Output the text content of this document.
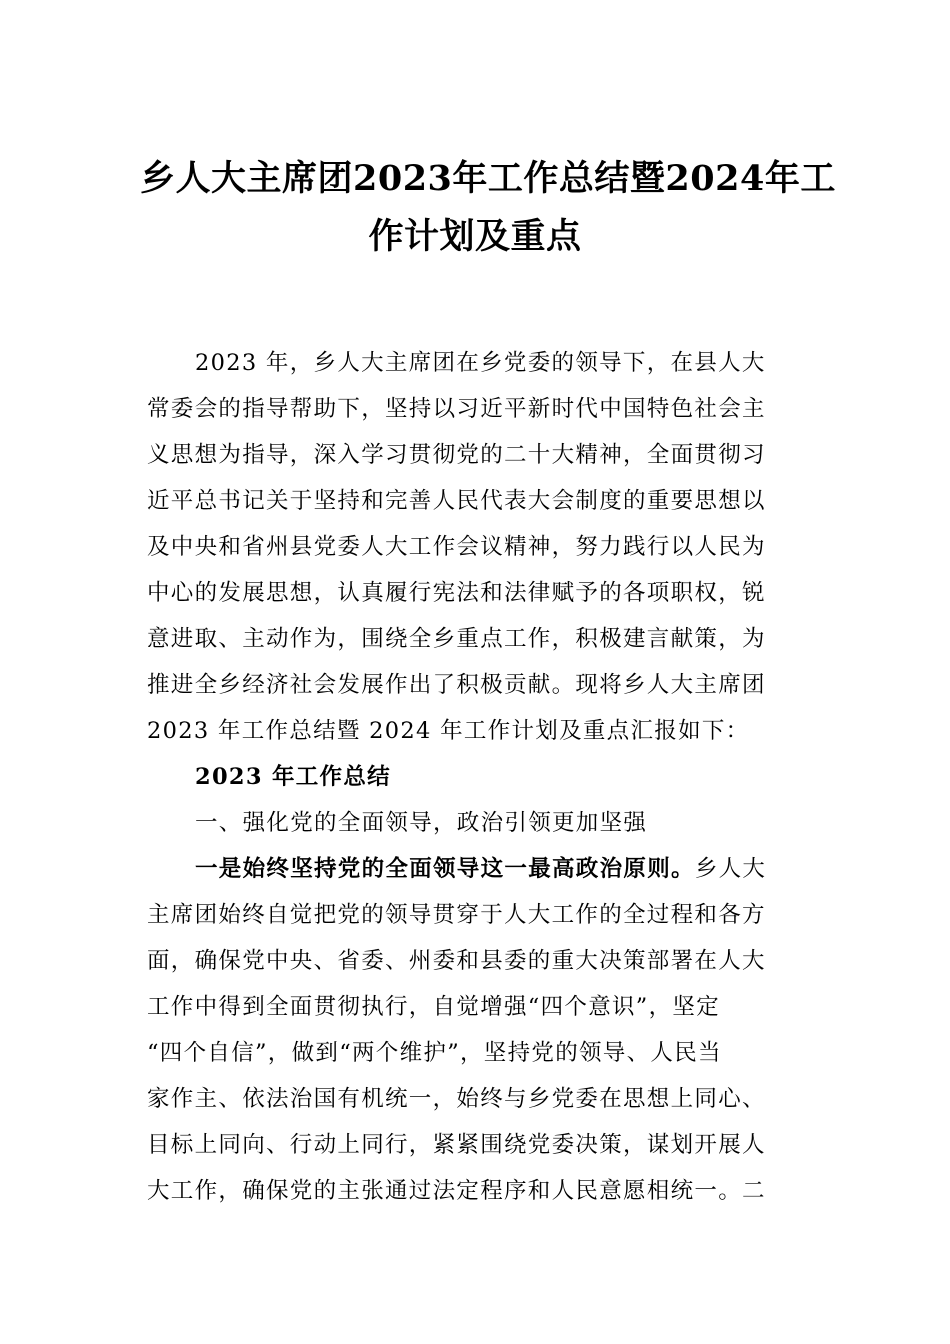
乡人大主席团2023年工作总结暨2024年工
作计划及重点
2023 年，乡人大主席团在乡党委的领导下，在县人大
常委会的指导帮助下，坚持以习近平新时代中国特色社会主
义思想为指导，深入学习贯彻党的二十大精神，全面贯彻习
近平总书记关于坚持和完善人民代表大会制度的重要思想以
及中央和省州县党委人大工作会议精神，努力践行以人民为
中心的发展思想，认真履行宪法和法律赋予的各项职权，锐
意进取、主动作为，围绕全乡重点工作，积极建言献策，为
推进全乡经济社会发展作出了积极贡献。现将乡人大主席团
2023 年工作总结暨 2024 年工作计划及重点汇报如下：
2023 年工作总结
一、强化党的全面领导，政治引领更加坚强
一是始终坚持党的全面领导这一最高政治原则。乡人大
主席团始终自觉把党的领导贯穿于人大工作的全过程和各方
面，确保党中央、省委、州委和县委的重大决策部署在人大
工作中得到全面贯彻执行，自觉增强“四个意识”，坚定
“四个自信”，做到“两个维护”，坚持党的领导、人民当
家作主、依法治国有机统一，始终与乡党委在思想上同心、
目标上同向、行动上同行，紧紧围绕党委决策，谋划开展人
大工作，确保党的主张通过法定程序和人民意愿相统一。二
